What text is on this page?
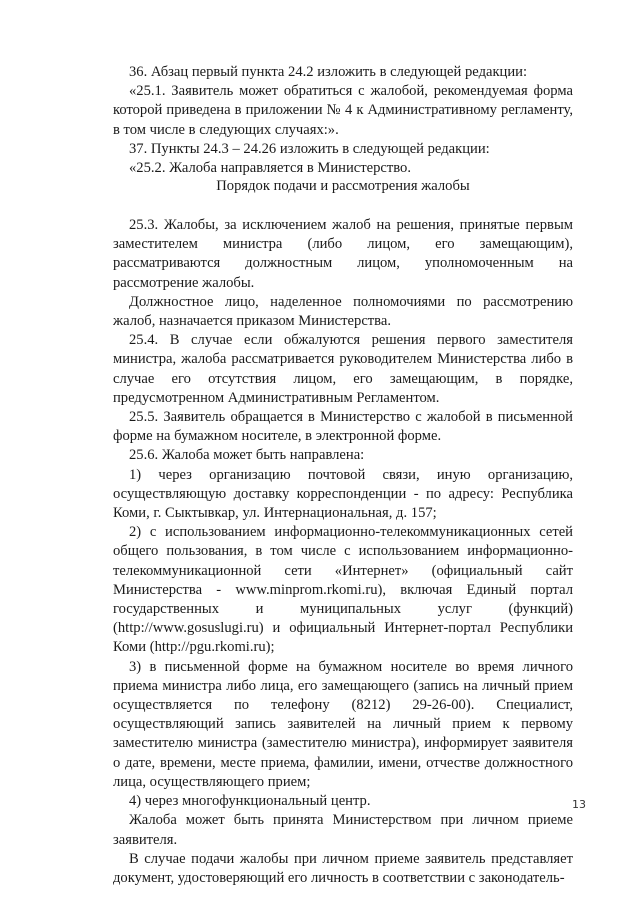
36. Абзац первый пункта 24.2 изложить в следующей редакции:

«25.1. Заявитель может обратиться с жалобой, рекомендуемая форма которой приведена в приложении № 4 к Административному регламенту, в том числе в следующих случаях:».

37. Пункты 24.3 – 24.26 изложить в следующей редакции:

«25.2. Жалоба направляется в Министерство.

Порядок подачи и рассмотрения жалобы

25.3. Жалобы, за исключением жалоб на решения, принятые первым заместителем министра (либо лицом, его замещающим), рассматриваются должностным лицом, уполномоченным на рассмотрение жалобы.

Должностное лицо, наделенное полномочиями по рассмотрению жалоб, назначается приказом Министерства.

25.4. В случае если обжалуются решения первого заместителя министра, жалоба рассматривается руководителем Министерства либо в случае его отсутствия лицом, его замещающим, в порядке, предусмотренном Административным Регламентом.

25.5. Заявитель обращается в Министерство с жалобой в письменной форме на бумажном носителе, в электронной форме.

25.6. Жалоба может быть направлена:

1) через организацию почтовой связи, иную организацию, осуществляющую доставку корреспонденции - по адресу: Республика Коми, г. Сыктывкар, ул. Интернациональная, д. 157;

2) с использованием информационно-телекоммуникационных сетей общего пользования, в том числе с использованием информационно-телекоммуникационной сети «Интернет» (официальный сайт Министерства - www.minprom.rkomi.ru), включая Единый портал государственных и муниципальных услуг (функций) (http://www.gosuslugi.ru) и официальный Интернет-портал Республики Коми (http://pgu.rkomi.ru);

3) в письменной форме на бумажном носителе во время личного приема министра либо лица, его замещающего (запись на личный прием осуществляется по телефону (8212) 29-26-00). Специалист, осуществляющий запись заявителей на личный прием к первому заместителю министра (заместителю министра), информирует заявителя о дате, времени, месте приема, фамилии, имени, отчестве должностного лица, осуществляющего прием;

4) через многофункциональный центр.

Жалоба может быть принята Министерством при личном приеме заявителя.

В случае подачи жалобы при личном приеме заявитель представляет документ, удостоверяющий его личность в соответствии с законодатель-

13
